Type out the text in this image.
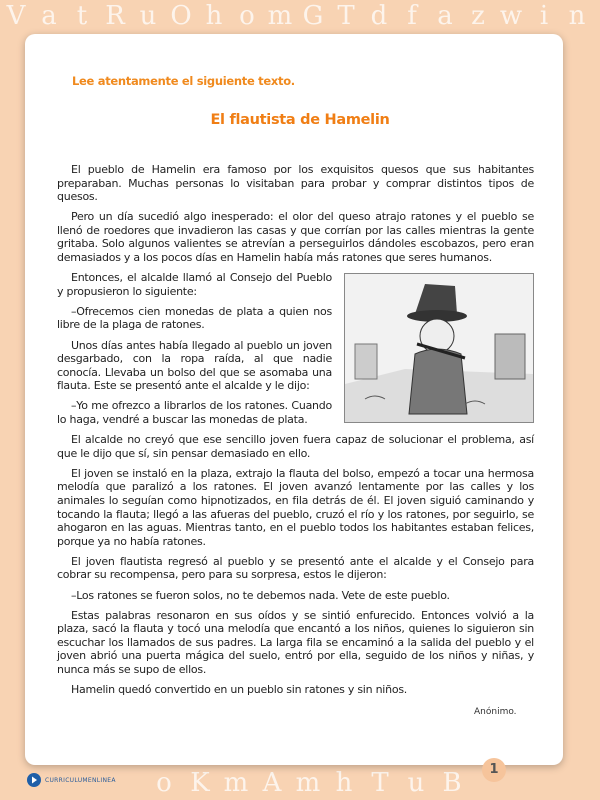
V a t R u O h o m G T d f a z w i n
o K m A m h T u B
Lee atentamente el siguiente texto.
El flautista de Hamelin

El pueblo de Hamelin era famoso por los exquisitos quesos que sus habitantes preparaban. Muchas personas lo visitaban para probar y comprar distintos tipos de quesos.

Pero un día sucedió algo inesperado: el olor del queso atrajo ratones y el pueblo se llenó de roedores que invadieron las casas y que corrían por las calles mientras la gente gritaba. Solo algunos valientes se atrevían a perseguirlos dándoles escobazos, pero eran demasiados y a los pocos días en Hamelin había más ratones que seres humanos.

Entonces, el alcalde llamó al Consejo del Pueblo y propusieron lo siguiente:

–Ofrecemos cien monedas de plata a quien nos libre de la plaga de ratones.

Unos días antes había llegado al pueblo un joven desgarbado, con la ropa raída, al que nadie conocía. Llevaba un bolso del que se asomaba una flauta. Este se presentó ante el alcalde y le dijo:

–Yo me ofrezco a librarlos de los ratones. Cuando lo haga, vendré a buscar las monedas de plata.

El alcalde no creyó que ese sencillo joven fuera capaz de solucionar el problema, así que le dijo que sí, sin pensar demasiado en ello.

El joven se instaló en la plaza, extrajo la flauta del bolso, empezó a tocar una hermosa melodía que paralizó a los ratones. El joven avanzó lentamente por las calles y los animales lo seguían como hipnotizados, en fila detrás de él. El joven siguió caminando y tocando la flauta; llegó a las afueras del pueblo, cruzó el río y los ratones, por seguirlo, se ahogaron en las aguas. Mientras tanto, en el pueblo todos los habitantes estaban felices, porque ya no había ratones.

El joven flautista regresó al pueblo y se presentó ante el alcalde y el Consejo para cobrar su recompensa, pero para su sorpresa, estos le dijeron:

–Los ratones se fueron solos, no te debemos nada. Vete de este pueblo.

Estas palabras resonaron en sus oídos y se sintió enfurecido. Entonces volvió a la plaza, sacó la flauta y tocó una melodía que encantó a los niños, quienes lo siguieron sin escuchar los llamados de sus padres. La larga fila se encaminó a la salida del pueblo y el joven abrió una puerta mágica del suelo, entró por ella, seguido de los niños y niñas, y nunca más se supo de ellos.

Hamelin quedó convertido en un pueblo sin ratones y sin niños.

Anónimo.
1
CURRICULUMENLINEA
